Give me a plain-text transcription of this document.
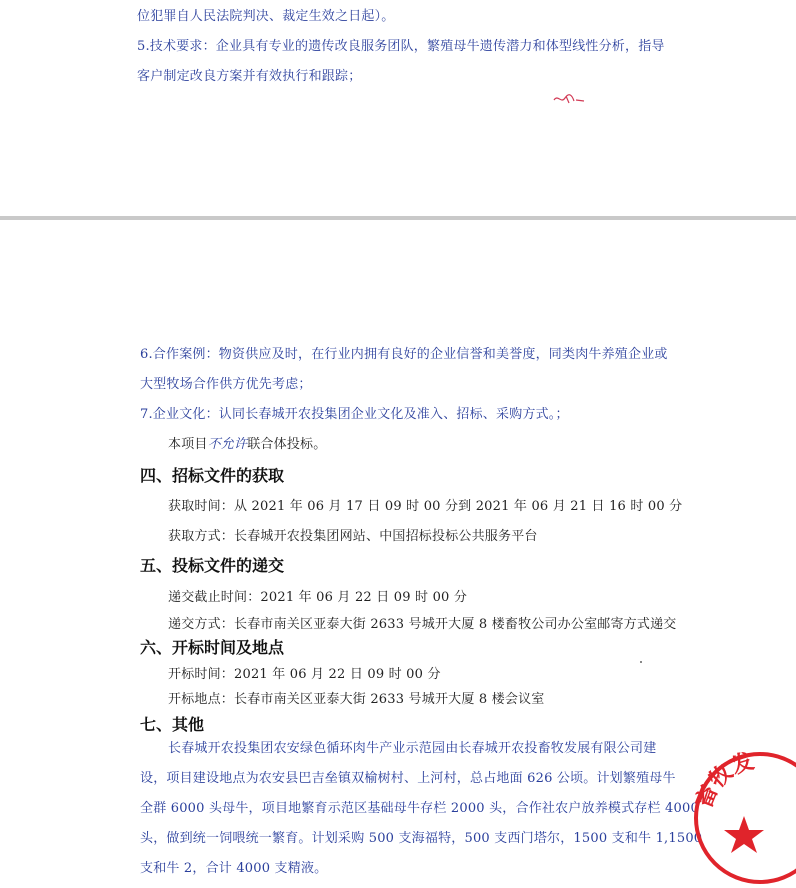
位犯罪自人民法院判决、裁定生效之日起）。
5.技术要求：企业具有专业的遗传改良服务团队，繁殖母牛遗传潜力和体型线性分析，指导
客户制定改良方案并有效执行和跟踪；
6.合作案例：物资供应及时，在行业内拥有良好的企业信誉和美誉度，同类肉牛养殖企业或
大型牧场合作供方优先考虑；
7.企业文化：认同长春城开农投集团企业文化及准入、招标、采购方式。；
本项目不允许联合体投标。
四、招标文件的获取
获取时间：从 2021 年 06 月 17 日 09 时 00 分到 2021 年 06 月 21 日 16 时 00 分
获取方式：长春城开农投集团网站、中国招标投标公共服务平台
五、投标文件的递交
递交截止时间：2021 年 06 月 22 日 09 时 00 分
递交方式：长春市南关区亚泰大街 2633 号城开大厦 8 楼畜牧公司办公室邮寄方式递交
六、开标时间及地点
开标时间：2021 年 06 月 22 日 09 时 00 分
开标地点：长春市南关区亚泰大街 2633 号城开大厦 8 楼会议室
七、其他
长春城开农投集团农安绿色循环肉牛产业示范园由长春城开农投畜牧发展有限公司建
设，项目建设地点为农安县巴吉垒镇双榆树村、上河村，总占地面 626 公顷。计划繁殖母牛
全群 6000 头母牛，项目地繁育示范区基础母牛存栏 2000 头，合作社农户放养模式存栏 4000
头，做到统一饲喂统一繁育。计划采购 500 支海福特，500 支西门塔尔，1500 支和牛 1,1500
支和牛 2，合计 4000 支精液。
畜牧发
